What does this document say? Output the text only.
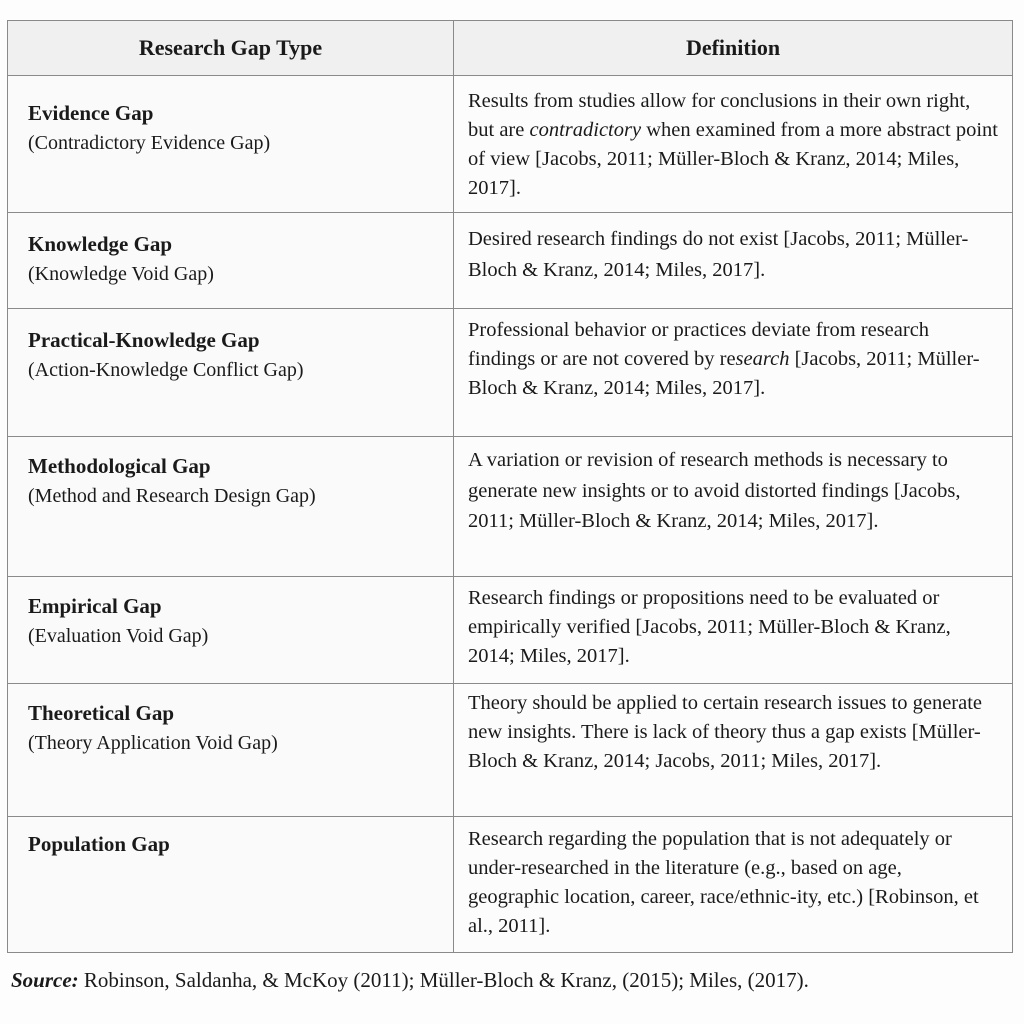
Research Gap Type	Definition

Evidence Gap
(Contradictory Evidence Gap)	Results from studies allow for conclusions in their own right, but are contradictory when examined from a more abstract point of view [Jacobs, 2011; Müller-Bloch & Kranz, 2014; Miles, 2017].

Knowledge Gap
(Knowledge Void Gap)	Desired research findings do not exist [Jacobs, 2011; Müller-Bloch & Kranz, 2014; Miles, 2017].

Practical-Knowledge Gap
(Action-Knowledge Conflict Gap)	Professional behavior or practices deviate from research findings or are not covered by research [Jacobs, 2011; Müller-Bloch & Kranz, 2014; Miles, 2017].

Methodological Gap
(Method and Research Design Gap)	A variation or revision of research methods is necessary to generate new insights or to avoid distorted findings [Jacobs, 2011; Müller-Bloch & Kranz, 2014; Miles, 2017].

Empirical Gap
(Evaluation Void Gap)	Research findings or propositions need to be evaluated or empirically verified [Jacobs, 2011; Müller-Bloch & Kranz, 2014; Miles, 2017].

Theoretical Gap
(Theory Application Void Gap)	Theory should be applied to certain research issues to generate new insights. There is lack of theory thus a gap exists [Müller-Bloch & Kranz, 2014; Jacobs, 2011; Miles, 2017].

Population Gap	Research regarding the population that is not adequately or under-researched in the literature (e.g., based on age, geographic location, career, race/ethnic-ity, etc.) [Robinson, et al., 2011].
Source: Robinson, Saldanha, & McKoy (2011); Müller-Bloch & Kranz, (2015); Miles, (2017).
